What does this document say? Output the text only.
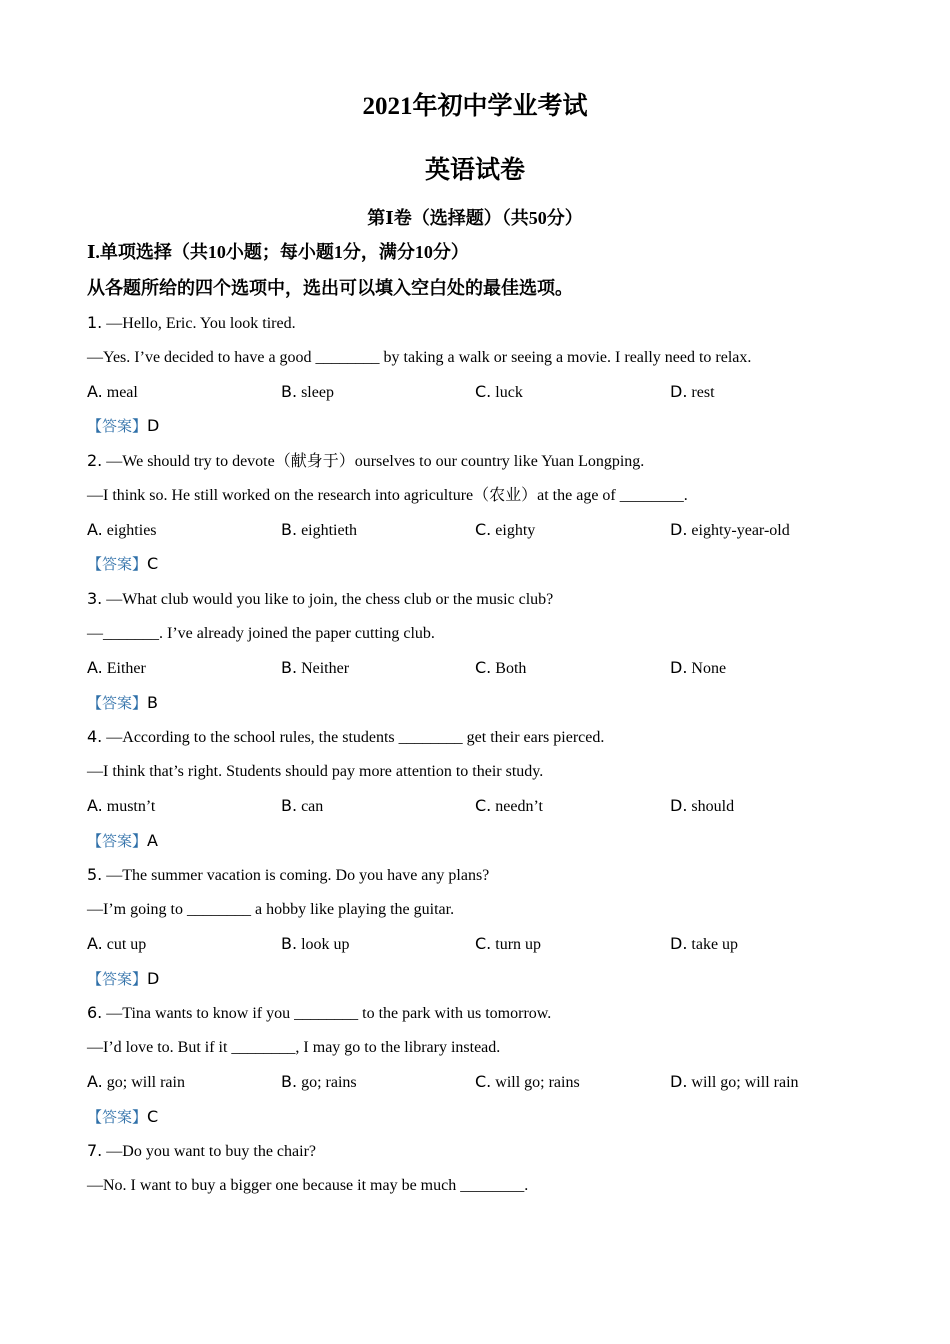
2021年初中学业考试
英语试卷
第Ⅰ卷（选择题）（共50分）
Ⅰ.单项选择（共10小题；每小题1分，满分10分）
从各题所给的四个选项中，选出可以填入空白处的最佳选项。
1. —Hello, Eric. You look tired.
—Yes. I’ve decided to have a good ________ by taking a walk or seeing a movie. I really need to relax.
A. meal	B. sleep	C. luck	D. rest
【答案】D
2. —We should try to devote（献身于）ourselves to our country like Yuan Longping.
—I think so. He still worked on the research into agriculture（农业）at the age of ________.
A. eighties	B. eightieth	C. eighty	D. eighty-year-old
【答案】C
3. —What club would you like to join, the chess club or the music club?
—_______. I’ve already joined the paper cutting club.
A. Either	B. Neither	C. Both	D. None
【答案】B
4. —According to the school rules, the students ________ get their ears pierced.
—I think that’s right. Students should pay more attention to their study.
A. mustn’t	B. can	C. needn’t	D. should
【答案】A
5. —The summer vacation is coming. Do you have any plans?
—I’m going to ________ a hobby like playing the guitar.
A. cut up	B. look up	C. turn up	D. take up
【答案】D
6. —Tina wants to know if you ________ to the park with us tomorrow.
—I’d love to. But if it ________, I may go to the library instead.
A. go; will rain	B. go; rains	C. will go; rains	D. will go; will rain
【答案】C
7. —Do you want to buy the chair?
—No. I want to buy a bigger one because it may be much ________.
